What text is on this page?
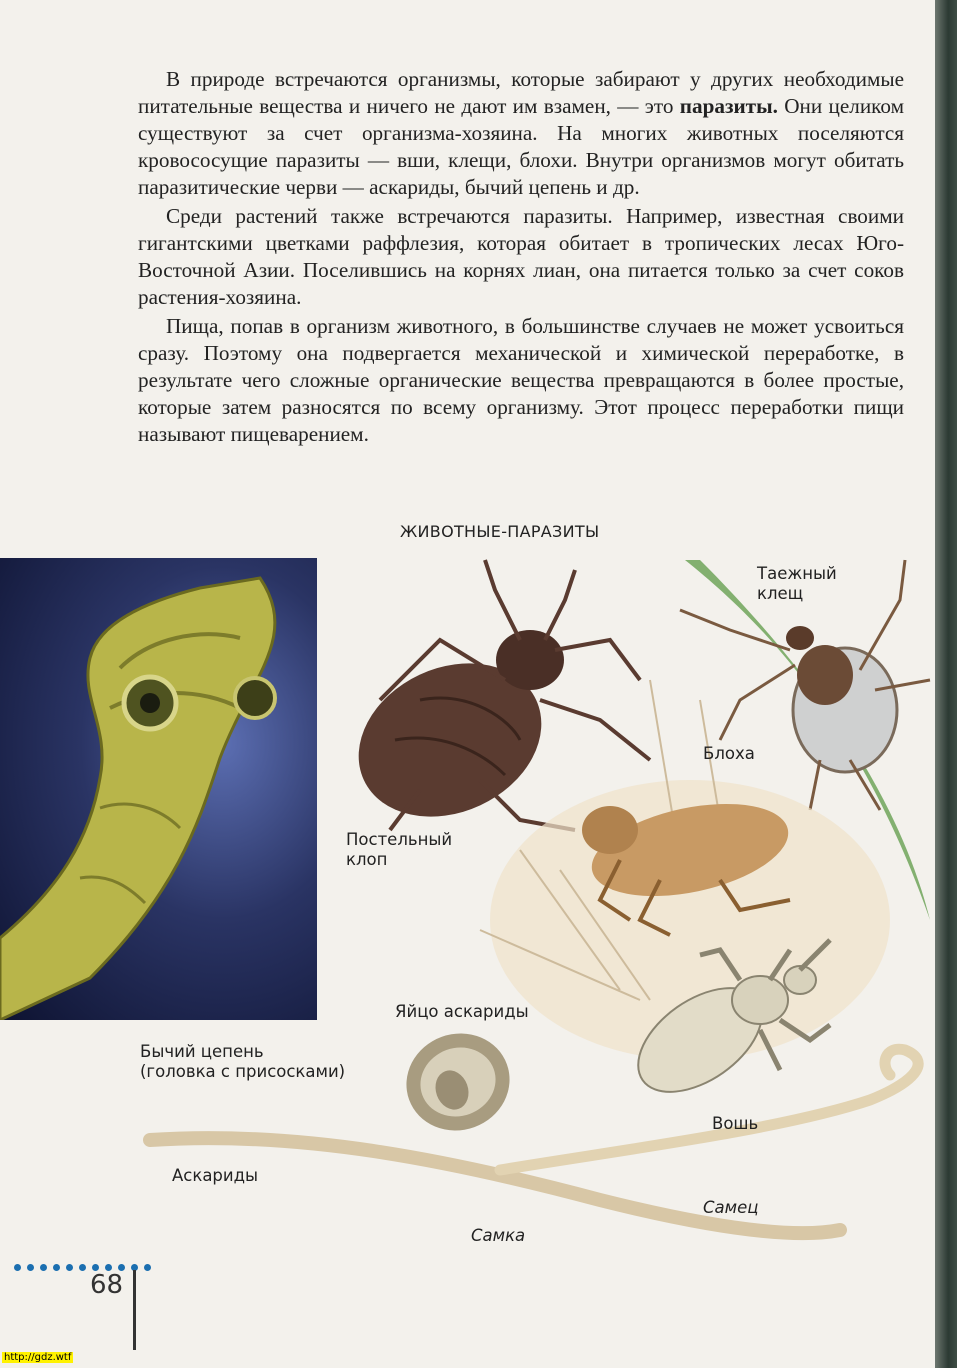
В природе встречаются организмы, которые забирают у других необходимые питательные вещества и ничего не дают им взамен, — это паразиты. Они целиком существуют за счет организма-хозяина. На многих животных поселяются кровососущие паразиты — вши, клещи, блохи. Внутри организмов могут обитать паразитические черви — аскариды, бычий цепень и др.

Среди растений также встречаются паразиты. Например, известная своими гигантскими цветками раффлезия, которая обитает в тропических лесах Юго-Восточной Азии. Поселившись на корнях лиан, она питается только за счет соков растения-хозяина.

Пища, попав в организм животного, в большинстве случаев не может усвоиться сразу. Поэтому она подвергается механической и химической переработке, в результате чего сложные органические вещества превращаются в более простые, которые затем разносятся по всему организму. Этот процесс переработки пищи называют пищеварением.

ЖИВОТНЫЕ-ПАРАЗИТЫ
Таежный
клещ
Блоха
Постельный
клоп
Яйцо аскариды
Бычий цепень
(головка с присосками)
Вошь
Аскариды
Самец
Самка
68
http://gdz.wtf
